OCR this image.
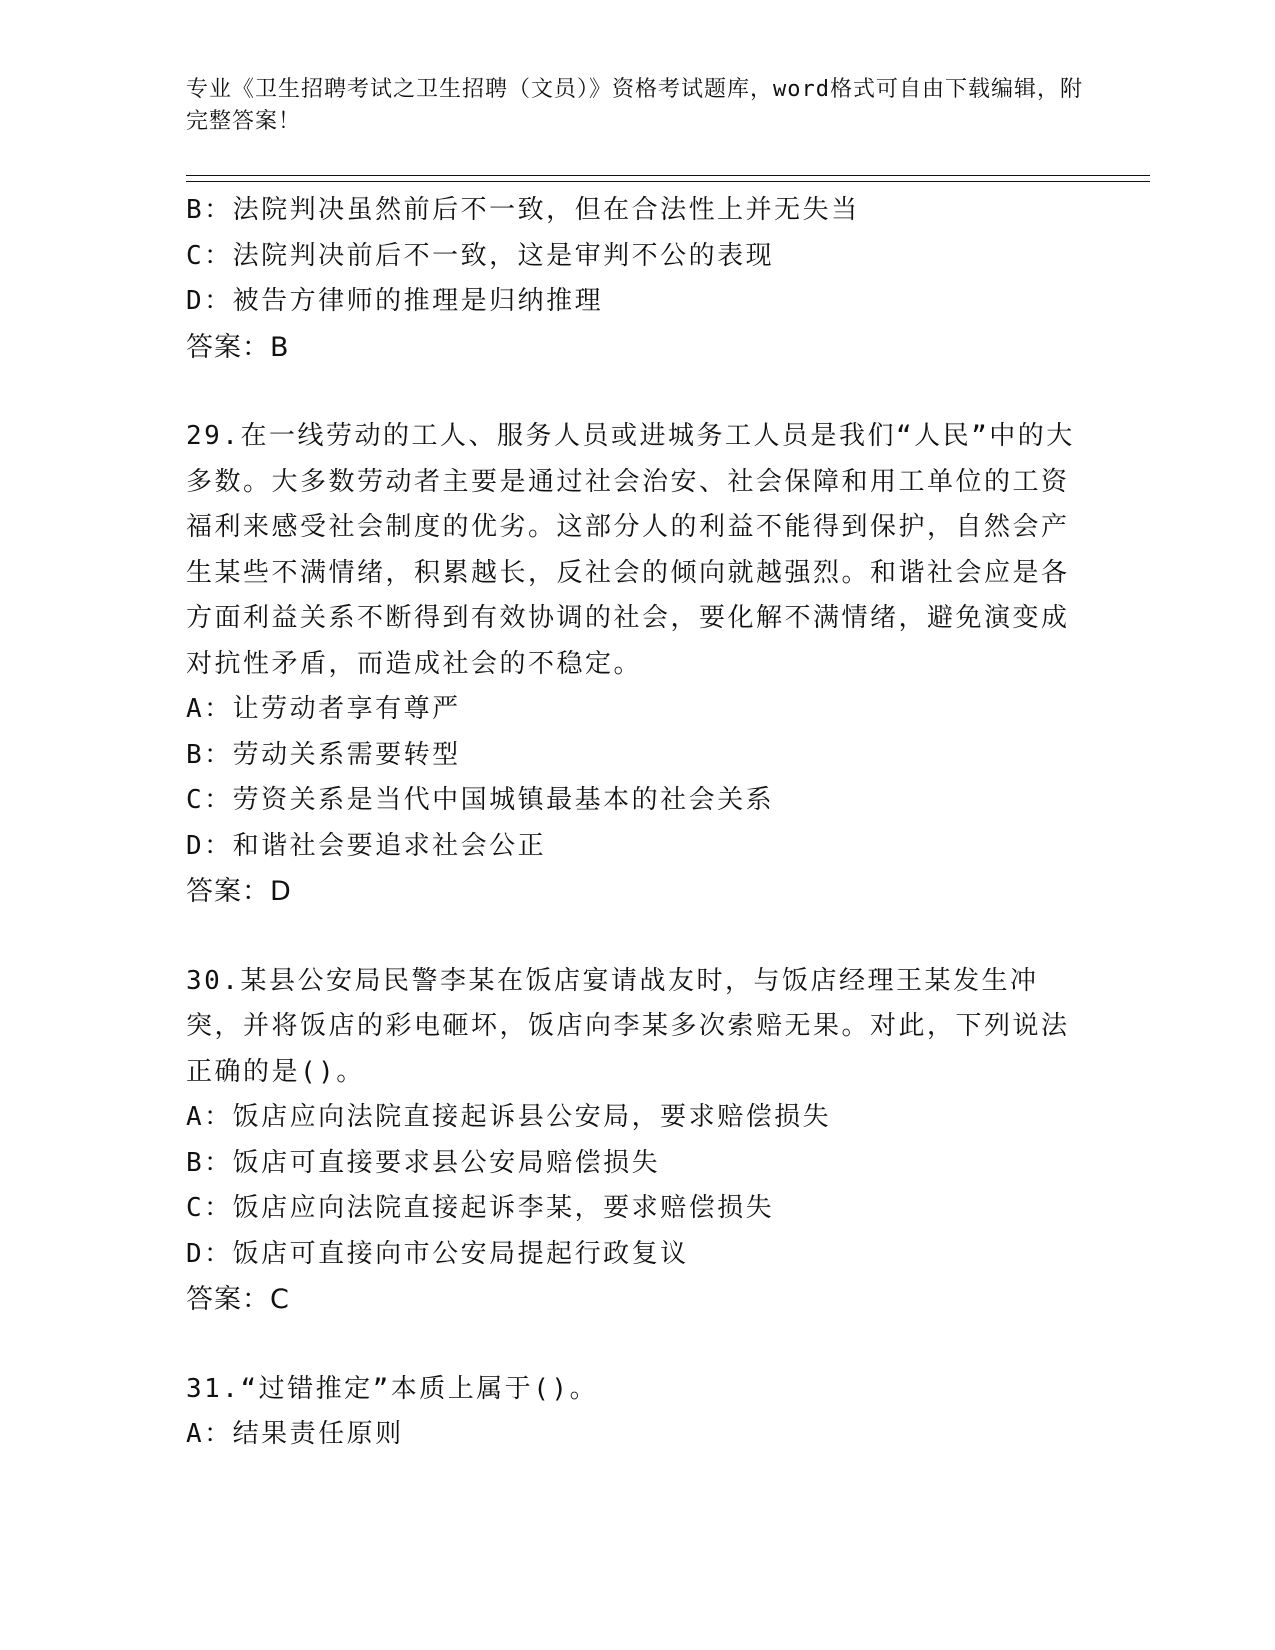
专业《卫生招聘考试之卫生招聘（文员）》资格考试题库，word格式可自由下载编辑，附完整答案！
B：法院判决虽然前后不一致，但在合法性上并无失当
C：法院判决前后不一致，这是审判不公的表现
D：被告方律师的推理是归纳推理
答案：B
29.在一线劳动的工人、服务人员或进城务工人员是我们“人民”中的大多数。大多数劳动者主要是通过社会治安、社会保障和用工单位的工资福利来感受社会制度的优劣。这部分人的利益不能得到保护，自然会产生某些不满情绪，积累越长，反社会的倾向就越强烈。和谐社会应是各方面利益关系不断得到有效协调的社会，要化解不满情绪，避免演变成对抗性矛盾，而造成社会的不稳定。
A：让劳动者享有尊严
B：劳动关系需要转型
C：劳资关系是当代中国城镇最基本的社会关系
D：和谐社会要追求社会公正
答案：D
30.某县公安局民警李某在饭店宴请战友时，与饭店经理王某发生冲突，并将饭店的彩电砸坏，饭店向李某多次索赔无果。对此，下列说法正确的是()。
A：饭店应向法院直接起诉县公安局，要求赔偿损失
B：饭店可直接要求县公安局赔偿损失
C：饭店应向法院直接起诉李某，要求赔偿损失
D：饭店可直接向市公安局提起行政复议
答案：C
31.“过错推定”本质上属于()。
A：结果责任原则
